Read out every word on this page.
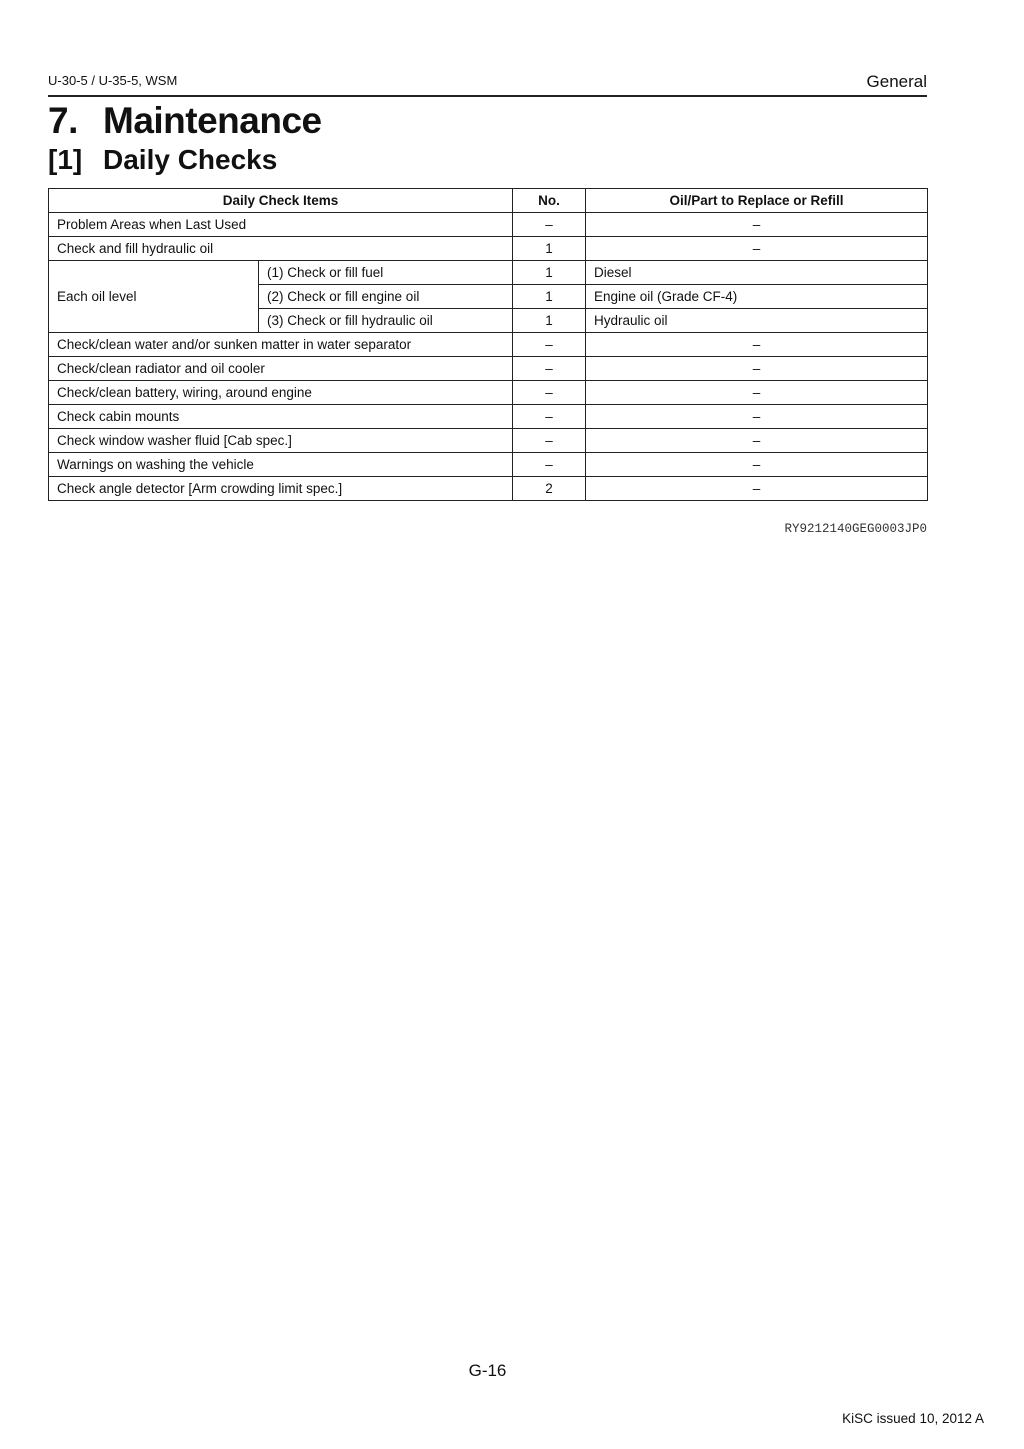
U-30-5 / U-35-5, WSM	General
7. Maintenance
[1] Daily Checks
Daily Check Items		No.	Oil/Part to Replace or Refill
Problem Areas when Last Used		–	–
Check and fill hydraulic oil		1	–
Each oil level	(1) Check or fill fuel	1	Diesel
	(2) Check or fill engine oil	1	Engine oil (Grade CF-4)
	(3) Check or fill hydraulic oil	1	Hydraulic oil
Check/clean water and/or sunken matter in water separator		–	–
Check/clean radiator and oil cooler		–	–
Check/clean battery, wiring, around engine		–	–
Check cabin mounts		–	–
Check window washer fluid [Cab spec.]		–	–
Warnings on washing the vehicle		–	–
Check angle detector [Arm crowding limit spec.]		2	–
RY9212140GEG0003JP0
G-16
KiSC issued 10, 2012 A
